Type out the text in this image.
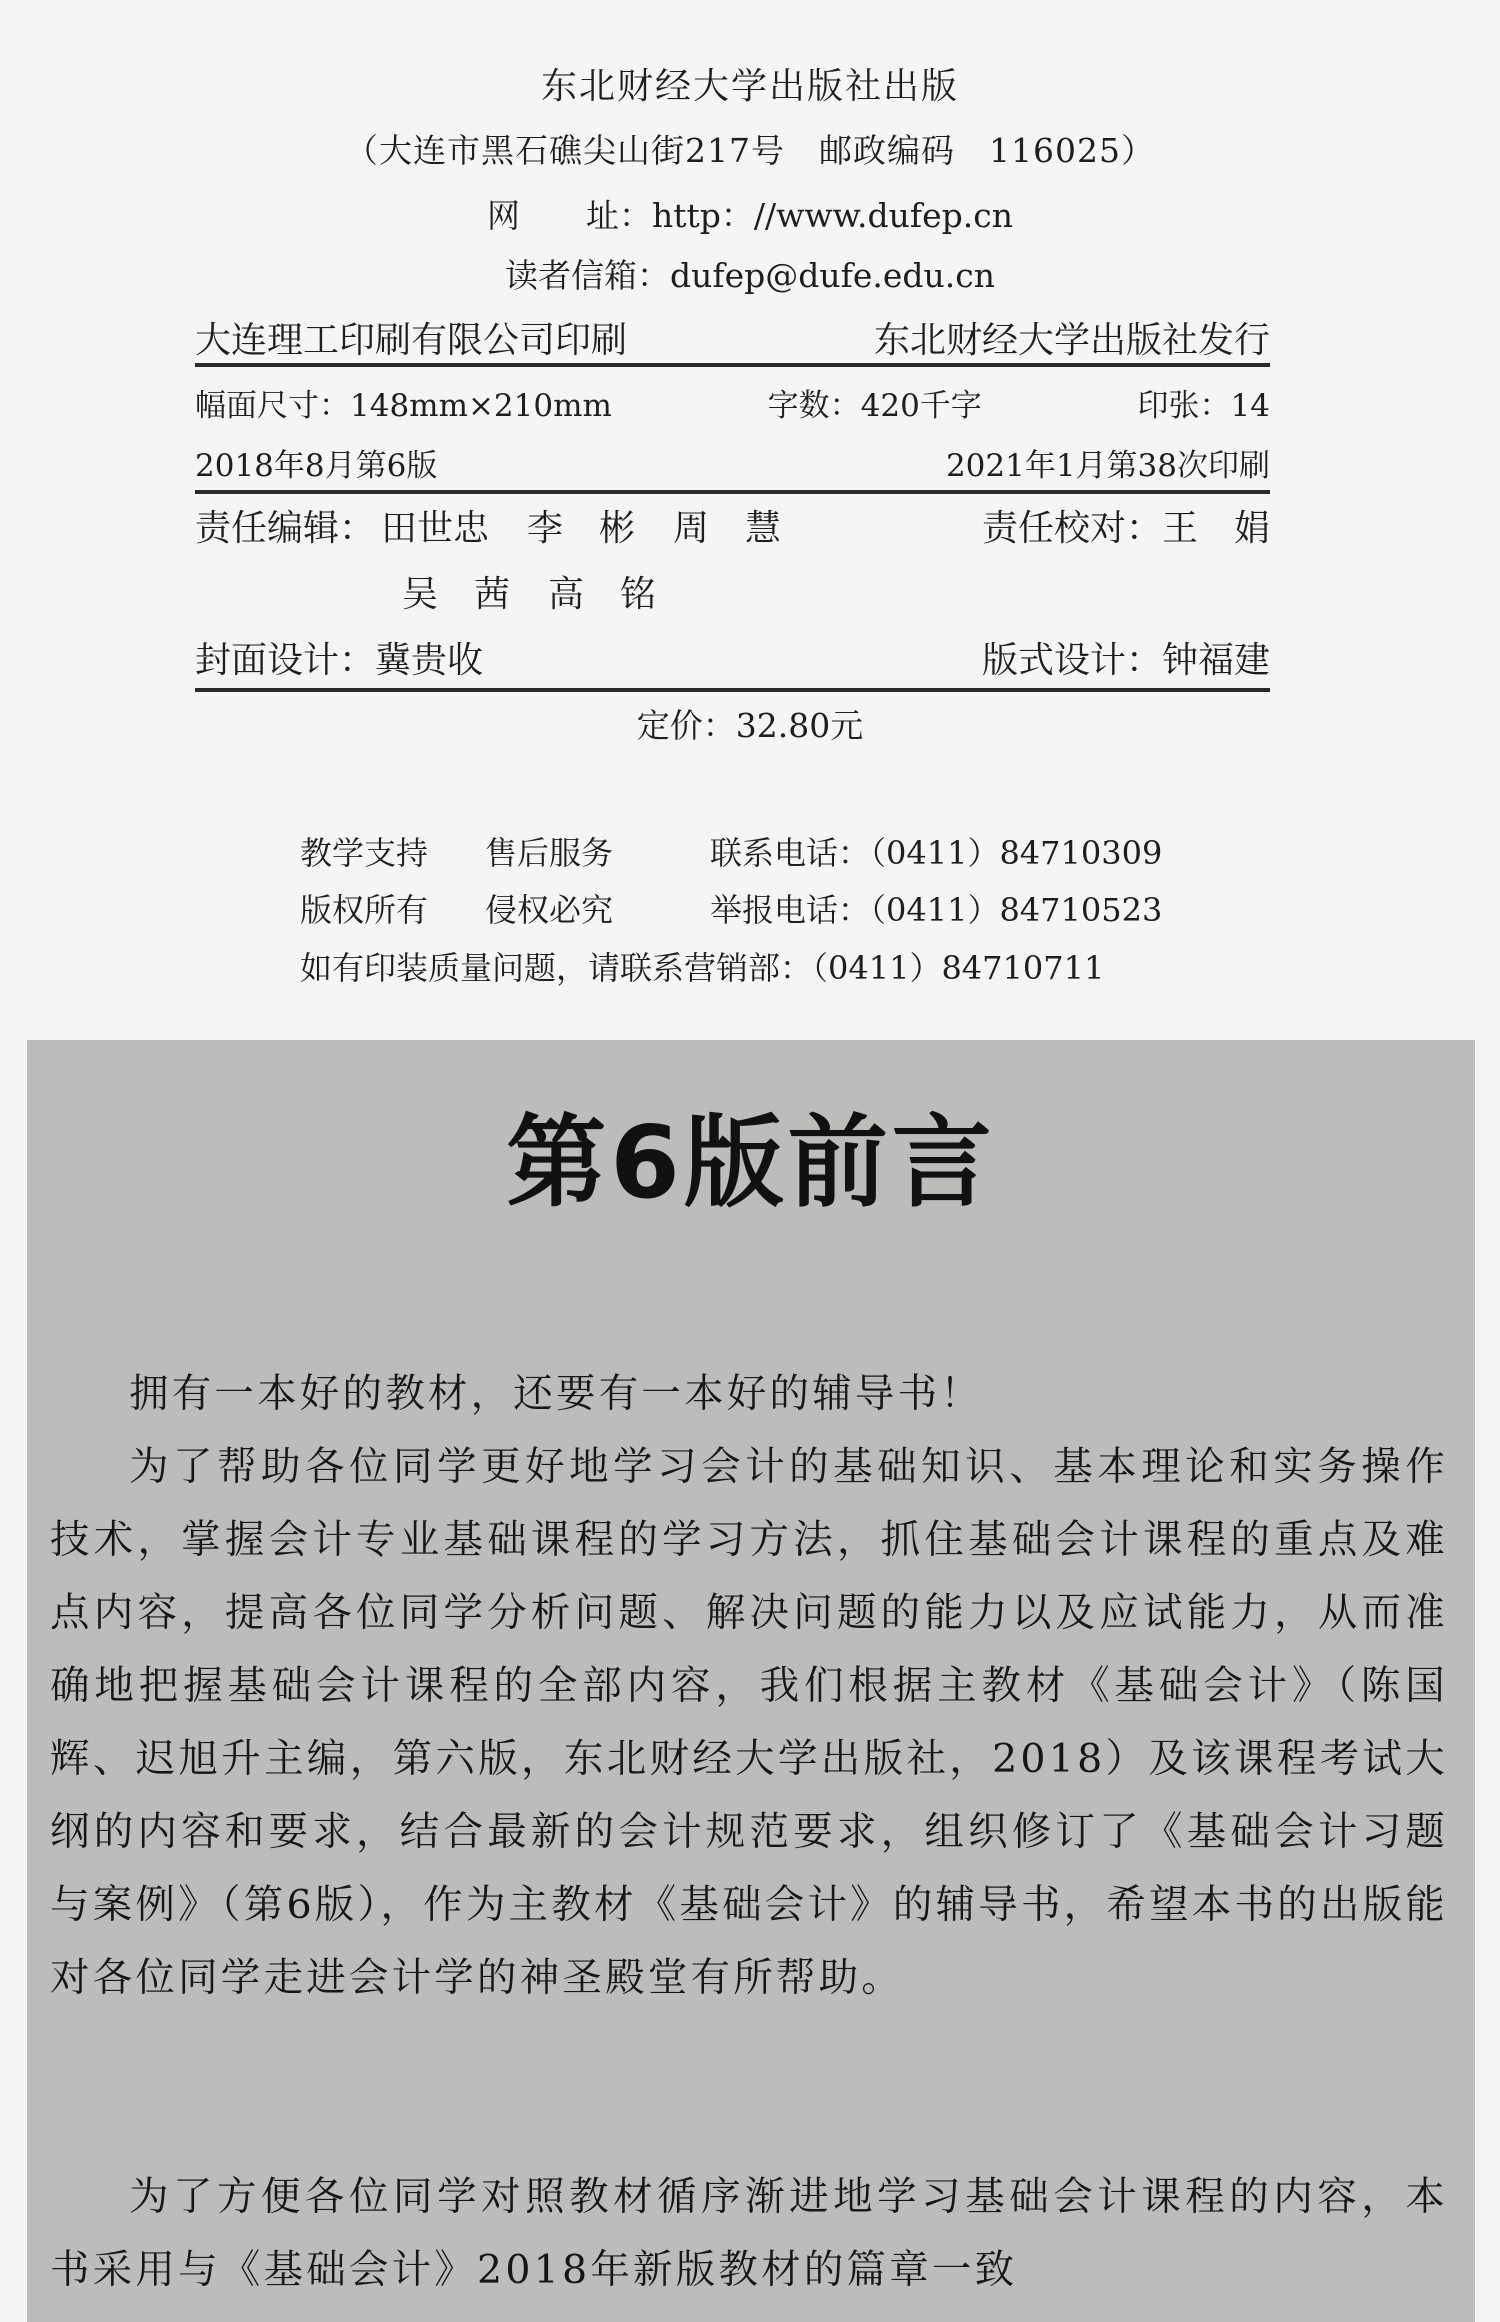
东北财经大学出版社出版
（大连市黑石礁尖山街217号　邮政编码　116025）
网　　址：http：//www.dufep.cn
读者信箱：dufep@dufe.edu.cn
大连理工印刷有限公司印刷	东北财经大学出版社发行
幅面尺寸：148mm×210mm	字数：420千字	印张：14
2018年8月第6版	2021年1月第38次印刷
责任编辑： 田世忠 李　彬 周　慧	责任校对：王　娟
吴　茜 高　铭
封面设计：冀贵收	版式设计：钟福建
定价：32.80元
教学支持	售后服务	联系电话：（0411）84710309
版权所有	侵权必究	举报电话：（0411）84710523
如有印装质量问题，请联系营销部：（0411）84710711

第6版前言
拥有一本好的教材，还要有一本好的辅导书！
为了帮助各位同学更好地学习会计的基础知识、基本理论和实务操作技术，掌握会计专业基础课程的学习方法，抓住基础会计课程的重点及难点内容，提高各位同学分析问题、解决问题的能力以及应试能力，从而准确地把握基础会计课程的全部内容，我们根据主教材《基础会计》（陈国辉、迟旭升主编，第六版，东北财经大学出版社，2018）及该课程考试大纲的内容和要求，结合最新的会计规范要求，组织修订了《基础会计习题与案例》（第6版），作为主教材《基础会计》的辅导书，希望本书的出版能对各位同学走进会计学的神圣殿堂有所帮助。
为了方便各位同学对照教材循序渐进地学习基础会计课程的内容，本书采用与《基础会计》2018年新版教材的篇章一致
